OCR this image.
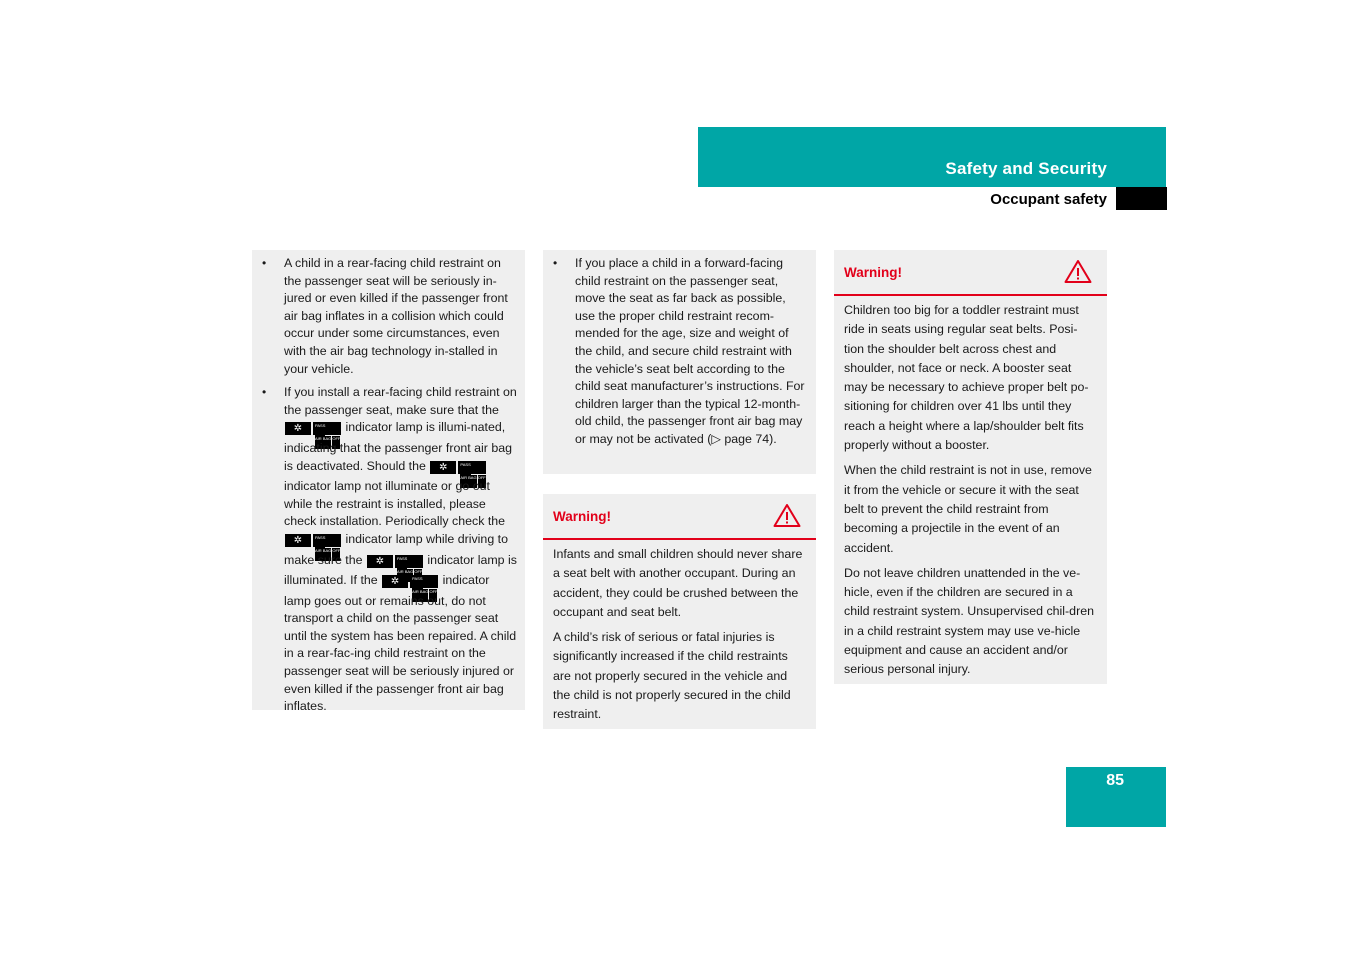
Safety and Security
Occupant safety
• A child in a rear-facing child restraint on the passenger seat will be seriously in-jured or even killed if the passenger front air bag inflates in a collision which could occur under some circumstances, even with the air bag technology in-stalled in your vehicle.
• If you install a rear-facing child restraint on the passenger seat, make sure that the ✲	PASS
AIR BAG OFF indicator lamp is illumi-nated, indicating that the passenger front air bag is deactivated. Should the ✲	PASS
AIR BAG OFF indicator lamp not illuminate or go out while the restraint is installed, please check installation. Periodically check the ✲	PASS
AIR BAG OFF indicator lamp while driving to make sure the ✲	PASS
AIR BAG OFF indicator lamp is illuminated. If the ✲	PASS
AIR BAG OFF indicator lamp goes out or remains out, do not transport a child on the passenger seat until the system has been repaired. A child in a rear-fac-ing child restraint on the passenger seat will be seriously injured or even killed if the passenger front air bag inflates.
• If you place a child in a forward-facing child restraint on the passenger seat, move the seat as far back as possible, use the proper child restraint recom-mended for the age, size and weight of the child, and secure child restraint with the vehicle’s seat belt according to the child seat manufacturer’s instructions. For children larger than the typical 12-month-old child, the passenger front air bag may or may not be activated (▷ page 74).
Warning!

Infants and small children should never share a seat belt with another occupant. During an accident, they could be crushed between the occupant and seat belt.

A child’s risk of serious or fatal injuries is significantly increased if the child restraints are not properly secured in the vehicle and the child is not properly secured in the child restraint.

Warning!

Children too big for a toddler restraint must ride in seats using regular seat belts. Posi-tion the shoulder belt across chest and shoulder, not face or neck. A booster seat may be necessary to achieve proper belt po-sitioning for children over 41 lbs until they reach a height where a lap/shoulder belt fits properly without a booster.

When the child restraint is not in use, remove it from the vehicle or secure it with the seat belt to prevent the child restraint from becoming a projectile in the event of an accident.

Do not leave children unattended in the ve-hicle, even if the children are secured in a child restraint system. Unsupervised chil-dren in a child restraint system may use ve-hicle equipment and cause an accident and/or serious personal injury.

85
